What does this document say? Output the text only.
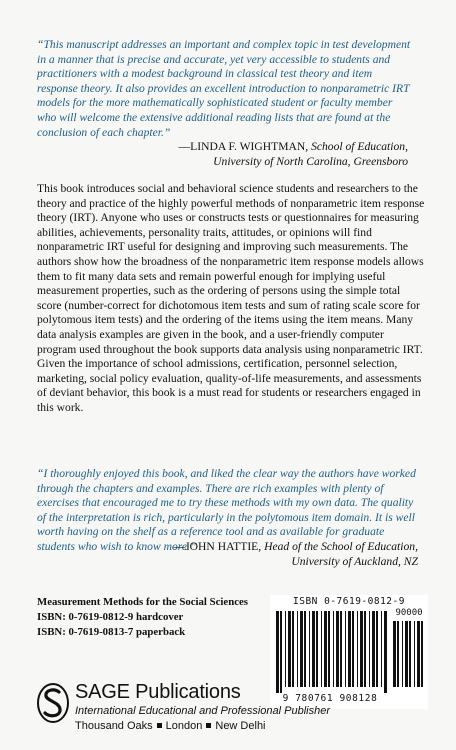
“This manuscript addresses an important and complex topic in test development in a manner that is precise and accurate, yet very accessible to students and practitioners with a modest background in classical test theory and item response theory. It also provides an excellent introduction to nonparametric IRT models for the more mathematically sophisticated student or faculty member who will welcome the extensive additional reading lists that are found at the conclusion of each chapter.”
—LINDA F. WIGHTMAN, School of Education,
University of North Carolina, Greensboro
This book introduces social and behavioral science students and researchers to the theory and practice of the highly powerful methods of nonparametric item response theory (IRT). Anyone who uses or constructs tests or questionnaires for measuring abilities, achievements, personality traits, attitudes, or opinions will find nonparametric IRT useful for designing and improving such measurements. The authors show how the broadness of the nonparametric item response models allows them to fit many data sets and remain powerful enough for implying useful measurement properties, such as the ordering of persons using the simple total score (number-correct for dichotomous item tests and sum of rating scale score for polytomous item tests) and the ordering of the items using the item means. Many data analysis examples are given in the book, and a user-friendly computer program used throughout the book supports data analysis using nonparametric IRT. Given the importance of school admissions, certification, personnel selection, marketing, social policy evaluation, quality-of-life measurements, and assessments of deviant behavior, this book is a must read for students or researchers engaged in this work.
“I thoroughly enjoyed this book, and liked the clear way the authors have worked through the chapters and examples. There are rich examples with plenty of exercises that encouraged me to try these methods with my own data. The quality of the interpretation is rich, particularly in the polytomous item domain. It is well worth having on the shelf as a reference tool and as available for graduate students who wish to know more.”
—JOHN HATTIE, Head of the School of Education,
University of Auckland, NZ
Measurement Methods for the Social Sciences
ISBN: 0-7619-0812-9 hardcover
ISBN: 0-7619-0813-7 paperback
ISBN 0-7619-0812-9
90000
9 780761 908128
SAGE Publications
International Educational and Professional Publisher
Thousand Oaks London New Delhi
